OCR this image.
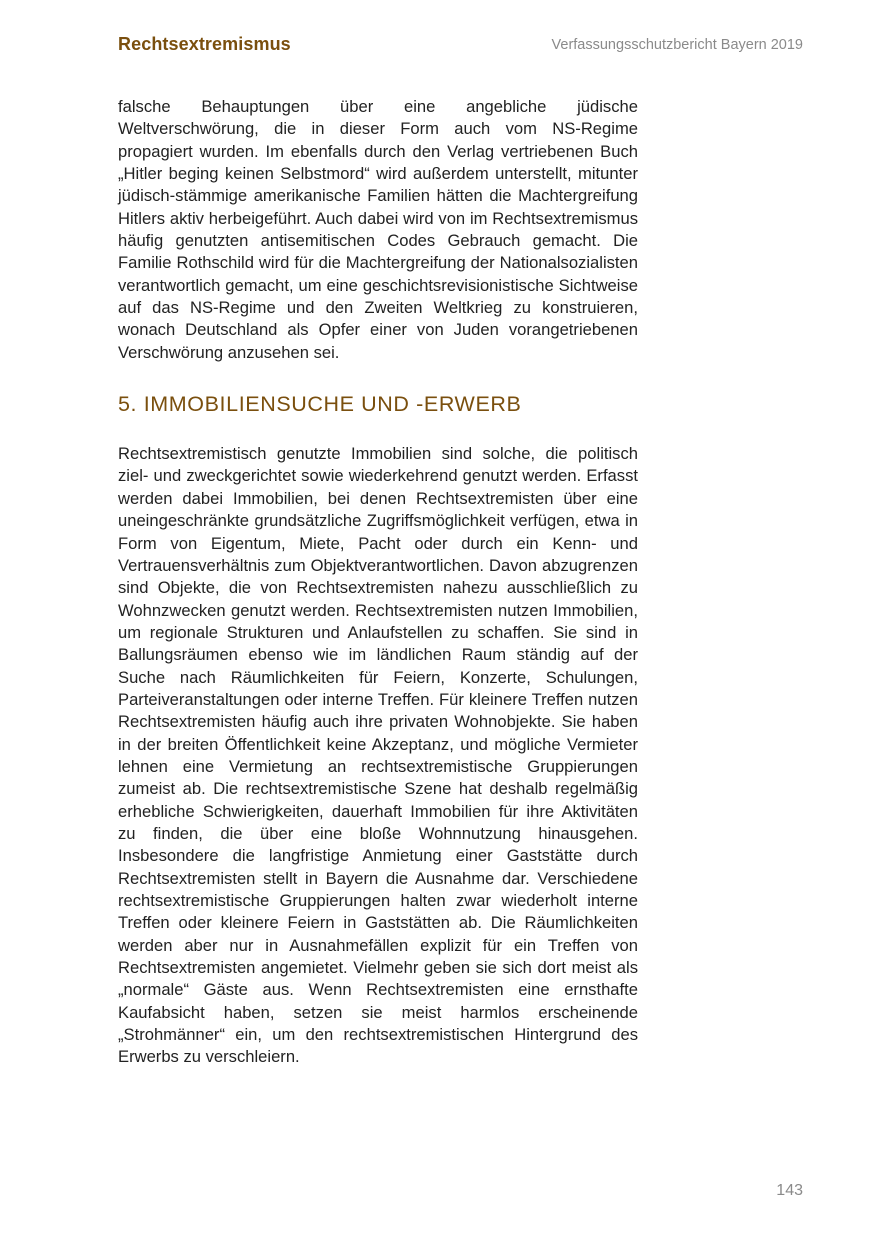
Rechtsextremismus	Verfassungsschutzbericht Bayern 2019

falsche Behauptungen über eine angebliche jüdische Weltverschwörung, die in dieser Form auch vom NS-Regime propagiert wurden. Im ebenfalls durch den Verlag vertriebenen Buch „Hitler beging keinen Selbstmord“ wird außerdem unterstellt, mitunter jüdisch-stämmige amerikanische Familien hätten die Machtergreifung Hitlers aktiv herbeigeführt. Auch dabei wird von im Rechtsextremismus häufig genutzten antisemitischen Codes Gebrauch gemacht. Die Familie Rothschild wird für die Machtergreifung der Nationalsozialisten verantwortlich gemacht, um eine geschichtsrevisionistische Sichtweise auf das NS-Regime und den Zweiten Weltkrieg zu konstruieren, wonach Deutschland als Opfer einer von Juden vorangetriebenen Verschwörung anzusehen sei.

5. IMMOBILIENSUCHE UND -ERWERB

Rechtsextremistisch genutzte Immobilien sind solche, die politisch ziel- und zweckgerichtet sowie wiederkehrend genutzt werden. Erfasst werden dabei Immobilien, bei denen Rechtsextremisten über eine uneingeschränkte grundsätzliche Zugriffsmöglichkeit verfügen, etwa in Form von Eigentum, Miete, Pacht oder durch ein Kenn- und Vertrauensverhältnis zum Objektverantwortlichen. Davon abzugrenzen sind Objekte, die von Rechtsextremisten nahezu ausschließlich zu Wohnzwecken genutzt werden. Rechtsextremisten nutzen Immobilien, um regionale Strukturen und Anlaufstellen zu schaffen. Sie sind in Ballungsräumen ebenso wie im ländlichen Raum ständig auf der Suche nach Räumlichkeiten für Feiern, Konzerte, Schulungen, Parteiveranstaltungen oder interne Treffen. Für kleinere Treffen nutzen Rechtsextremisten häufig auch ihre privaten Wohnobjekte. Sie haben in der breiten Öffentlichkeit keine Akzeptanz, und mögliche Vermieter lehnen eine Vermietung an rechtsextremistische Gruppierungen zumeist ab. Die rechtsextremistische Szene hat deshalb regelmäßig erhebliche Schwierigkeiten, dauerhaft Immobilien für ihre Aktivitäten zu finden, die über eine bloße Wohnnutzung hinausgehen. Insbesondere die langfristige Anmietung einer Gaststätte durch Rechtsextremisten stellt in Bayern die Ausnahme dar. Verschiedene rechtsextremistische Gruppierungen halten zwar wiederholt interne Treffen oder kleinere Feiern in Gaststätten ab. Die Räumlichkeiten werden aber nur in Ausnahmefällen explizit für ein Treffen von Rechtsextremisten angemietet. Vielmehr geben sie sich dort meist als „normale“ Gäste aus. Wenn Rechtsextremisten eine ernsthafte Kaufabsicht haben, setzen sie meist harmlos erscheinende „Strohmänner“ ein, um den rechtsextremistischen Hintergrund des Erwerbs zu verschleiern.

143
